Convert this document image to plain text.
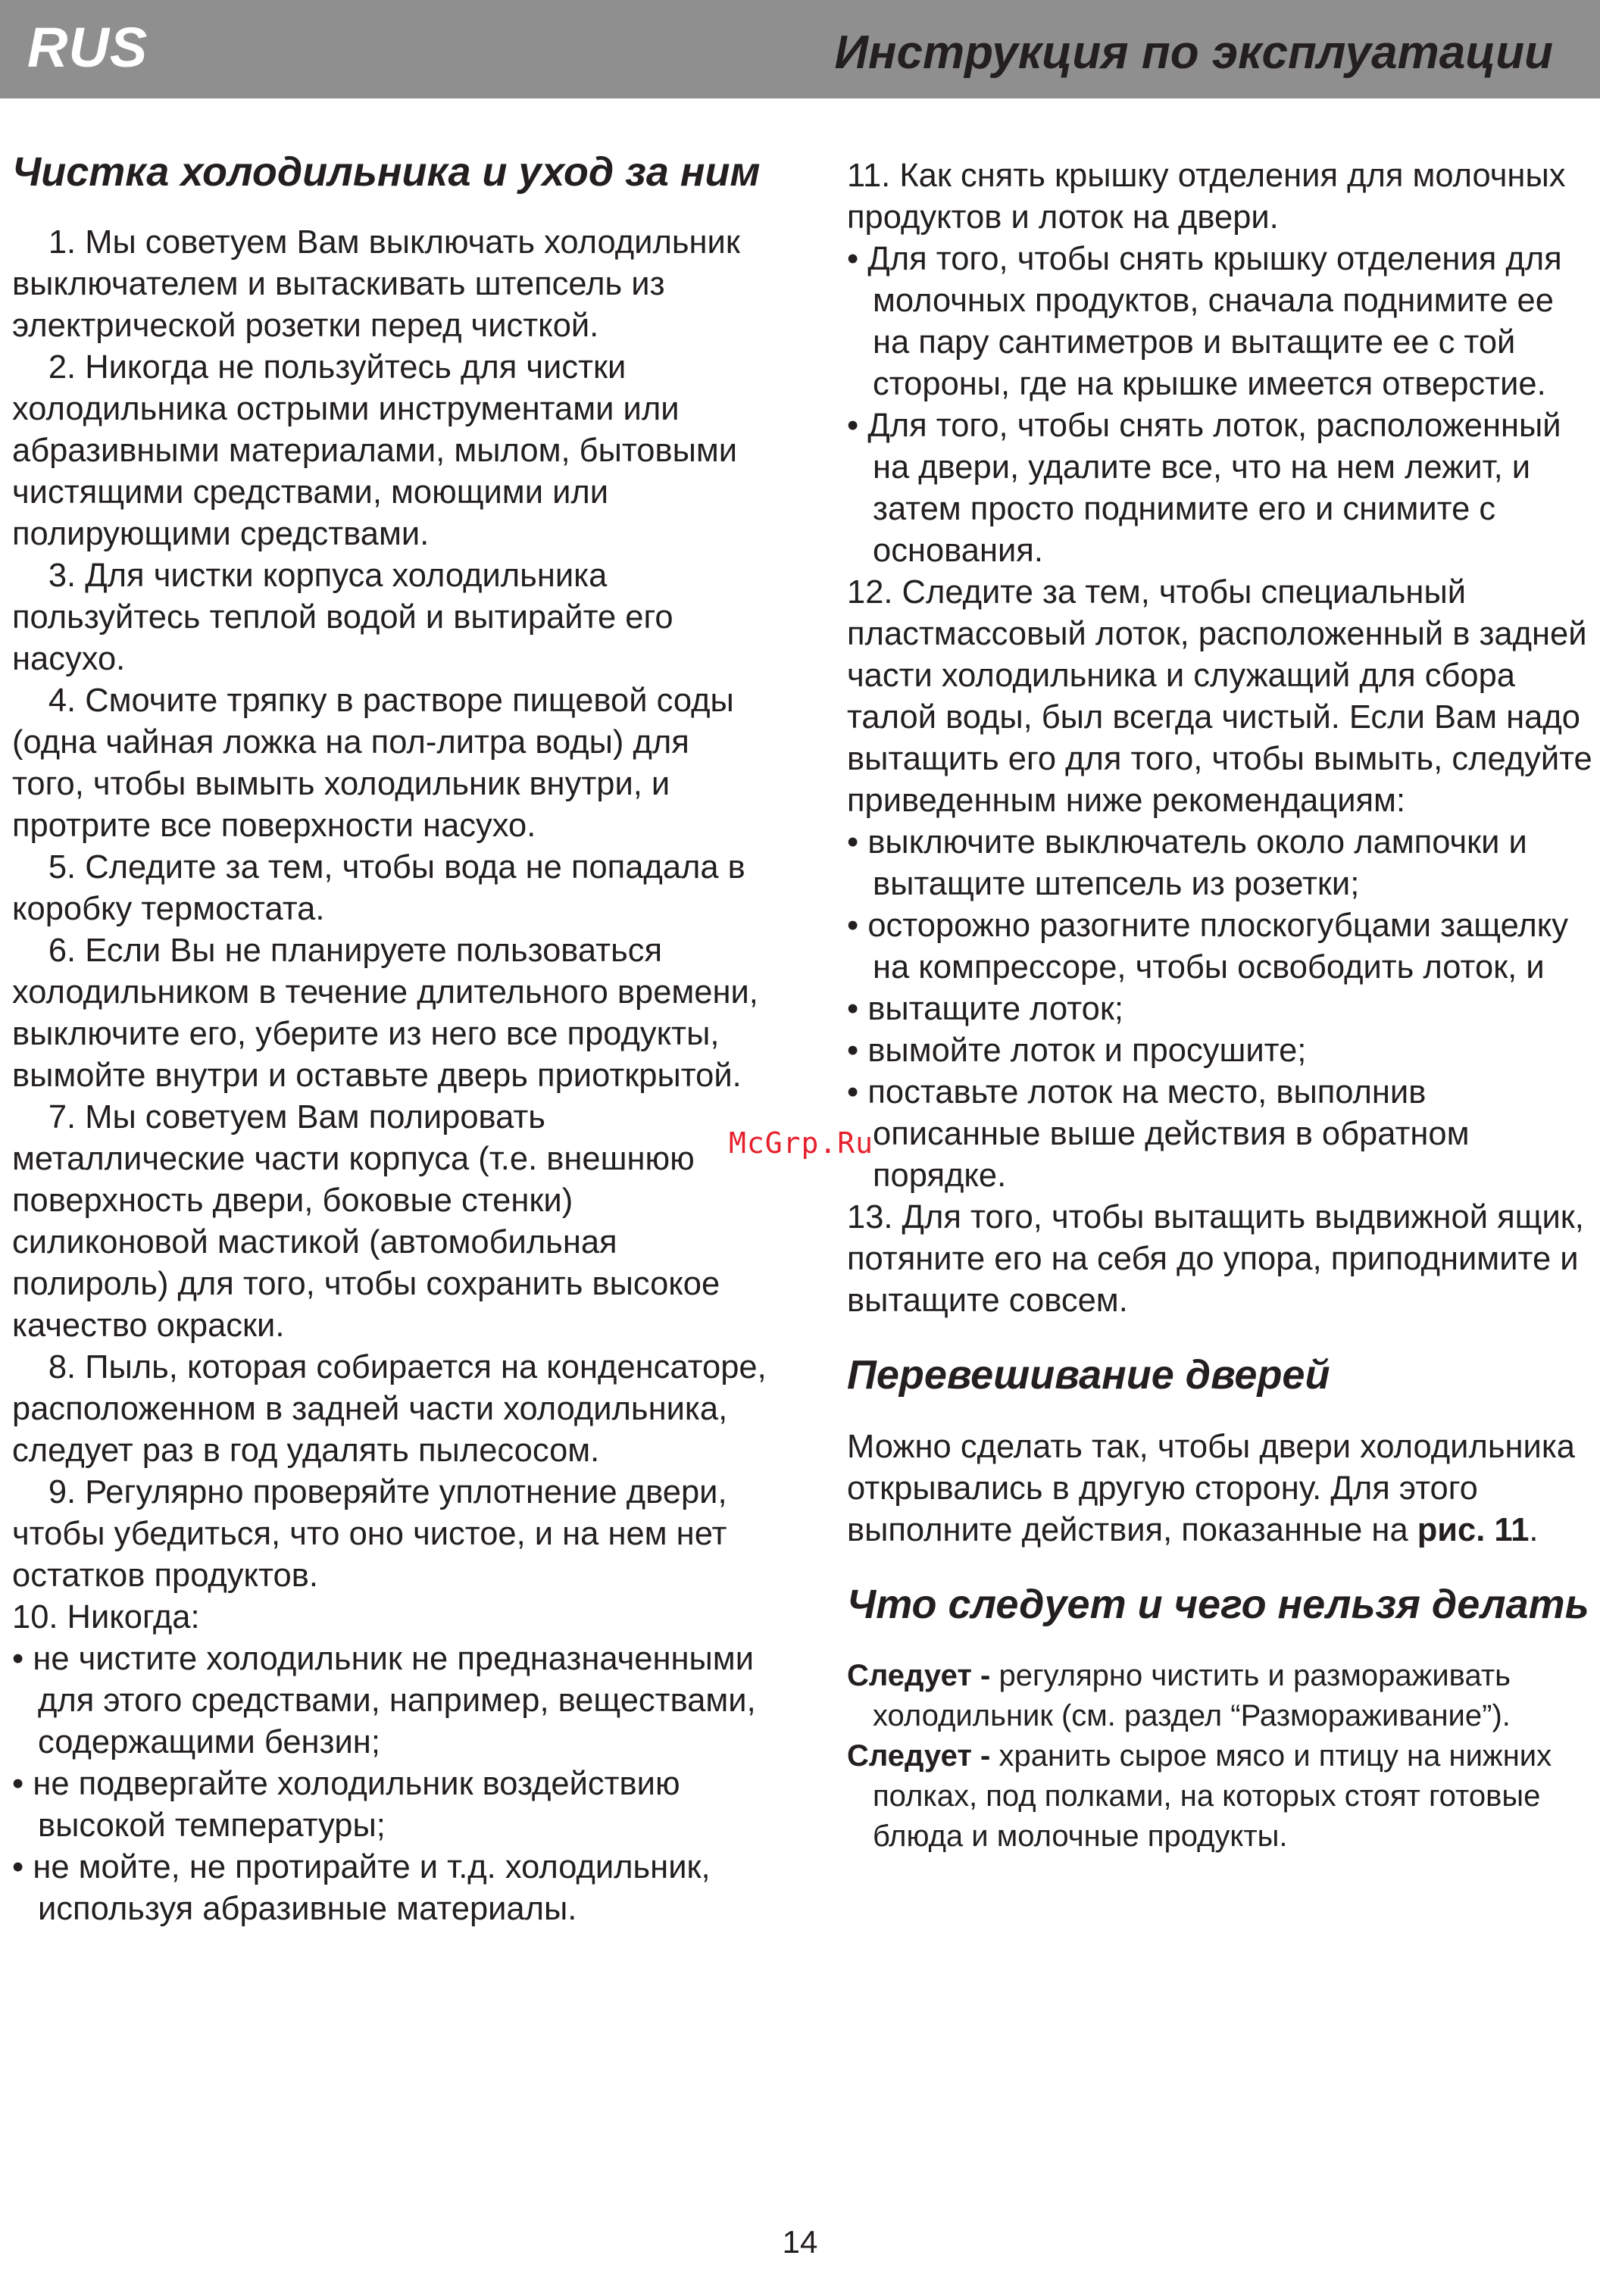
RUS	Инструкция по эксплуатации
Чистка холодильника и уход за ним

1. Мы советуем Вам выключать холодильник выключателем и вытаскивать штепсель из электрической розетки перед чисткой.

2. Никогда не пользуйтесь для чистки холодильника острыми инструментами или абразивными материалами, мылом, бытовыми чистящими средствами, моющими или полирующими средствами.

3. Для чистки корпуса холодильника пользуйтесь теплой водой и вытирайте его насухо.

4. Смочите тряпку в растворе пищевой соды (одна чайная ложка на пол-литра воды) для того, чтобы вымыть холодильник внутри, и протрите все поверхности насухо.

5. Следите за тем, чтобы вода не попадала в коробку термостата.

6. Если Вы не планируете пользоваться холодильником в течение длительного времени, выключите его, уберите из него все продукты, вымойте внутри и оставьте дверь приоткрытой.

7. Мы советуем Вам полировать металлические части корпуса (т.е. внешнюю поверхность двери, боковые стенки) силиконовой мастикой (автомобильная полироль) для того, чтобы сохранить высокое качество окраски.

8. Пыль, которая собирается на конденсаторе, расположенном в задней части холодильника, следует раз в год удалять пылесосом.

9. Регулярно проверяйте уплотнение двери, чтобы убедиться, что оно чистое, и на нем нет остатков продуктов.

10. Никогда:

• не чистите холодильник не предназначенными для этого средствами, например, веществами, содержащими бензин;

• не подвергайте холодильник воздействию высокой температуры;

• не мойте, не протирайте и т.д. холодильник, используя абразивные материалы.

11. Как снять крышку отделения для молочных продуктов и лоток на двери.

• Для того, чтобы снять крышку отделения для молочных продуктов, сначала поднимите ее на пару сантиметров и вытащите ее с той стороны, где на крышке имеется отверстие.

• Для того, чтобы снять лоток, расположенный на двери, удалите все, что на нем лежит, и затем просто поднимите его и снимите с основания.

12. Следите за тем, чтобы специальный пластмассовый лоток, расположенный в задней части холодильника и служащий для сбора талой воды, был всегда чистый. Если Вам надо вытащить его для того, чтобы вымыть, следуйте приведенным ниже рекомендациям:

• выключите выключатель около лампочки и вытащите штепсель из розетки;

• осторожно разогните плоскогубцами защелку на компрессоре, чтобы освободить лоток, и

• вытащите лоток;

• вымойте лоток и просушите;

• поставьте лоток на место, выполнив описанные выше действия в обратном порядке.

13. Для того, чтобы вытащить выдвижной ящик, потяните его на себя до упора, приподнимите и вытащите совсем.

Перевешивание дверей

Можно сделать так, чтобы двери холодильника открывались в другую сторону. Для этого выполните действия, показанные на рис. 11.

Что следует и чего нельзя делать

Следует - регулярно чистить и размораживать холодильник (см. раздел “Размораживание”).

Следует - хранить сырое мясо и птицу на нижних полках, под полками, на которых стоят готовые блюда и молочные продукты.

McGrp.Ru
14
